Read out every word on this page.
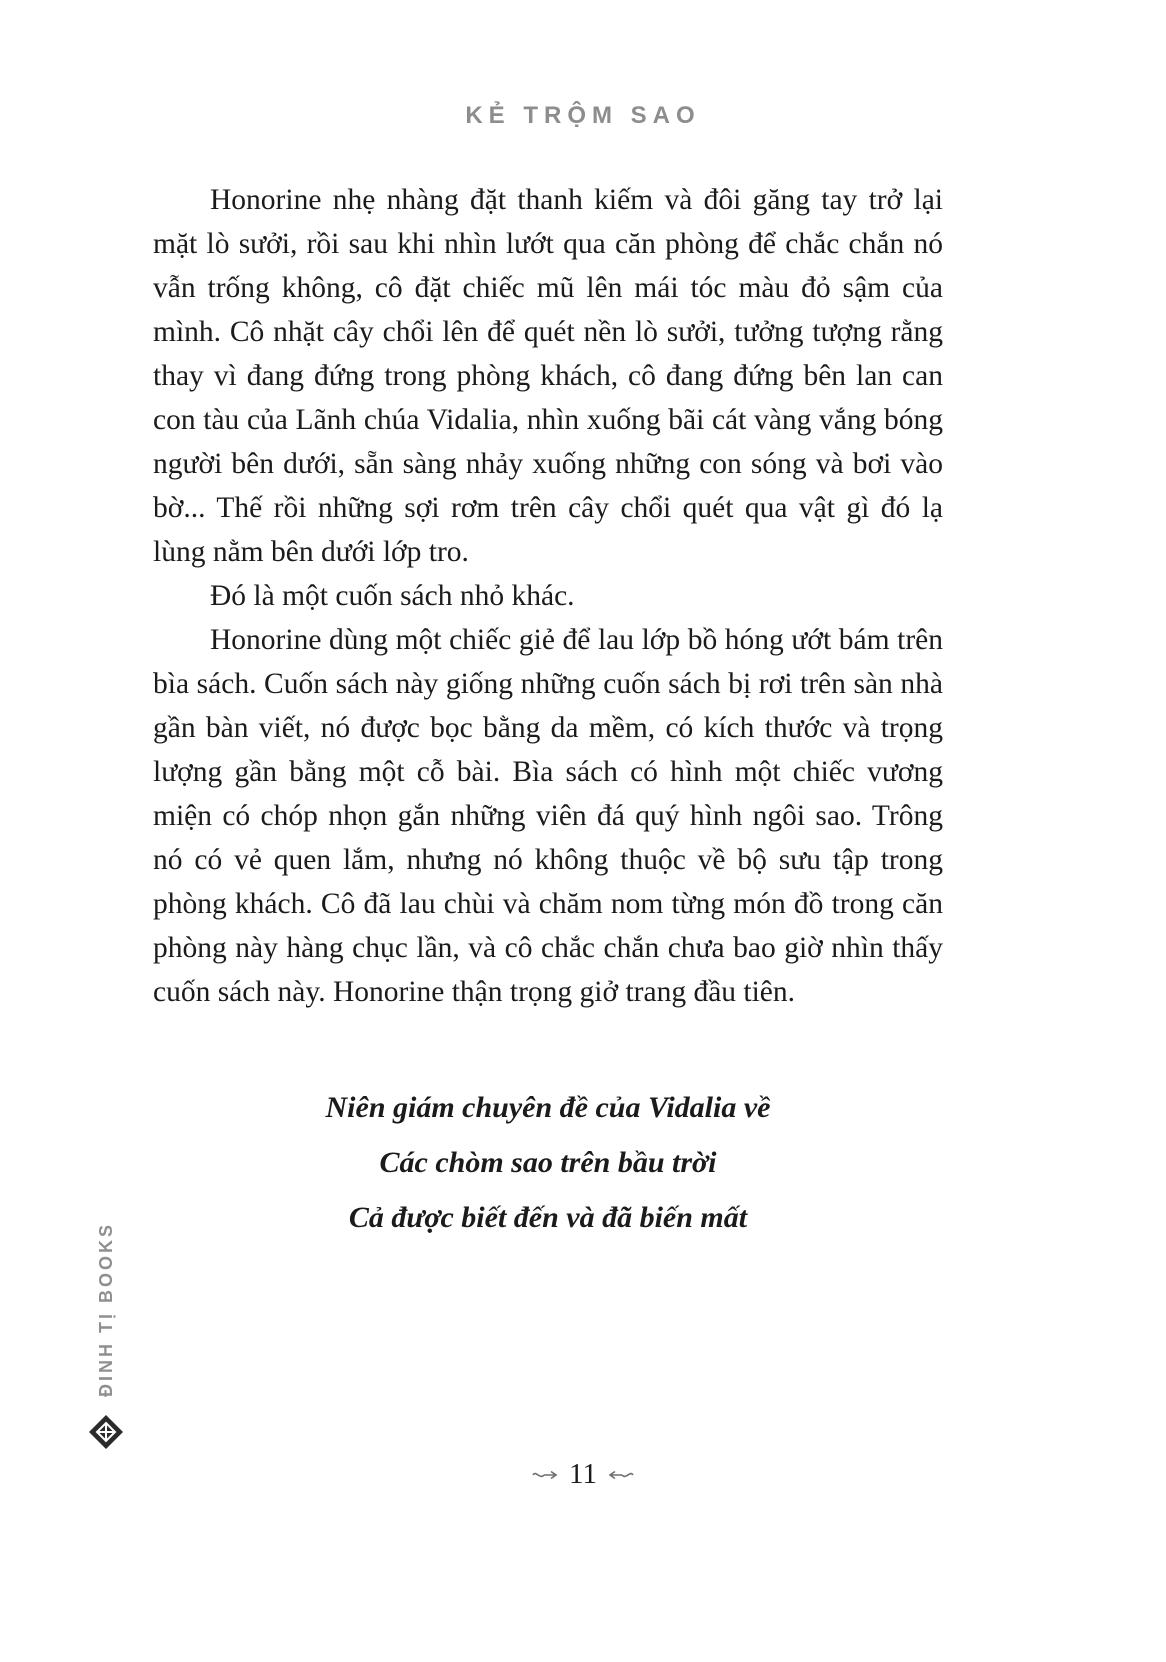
KẺ TRỘM SAO

Honorine nhẹ nhàng đặt thanh kiếm và đôi găng tay trở lại mặt lò sưởi, rồi sau khi nhìn lướt qua căn phòng để chắc chắn nó vẫn trống không, cô đặt chiếc mũ lên mái tóc màu đỏ sậm của mình. Cô nhặt cây chổi lên để quét nền lò sưởi, tưởng tượng rằng thay vì đang đứng trong phòng khách, cô đang đứng bên lan can con tàu của Lãnh chúa Vidalia, nhìn xuống bãi cát vàng vắng bóng người bên dưới, sẵn sàng nhảy xuống những con sóng và bơi vào bờ... Thế rồi những sợi rơm trên cây chổi quét qua vật gì đó lạ lùng nằm bên dưới lớp tro.

Đó là một cuốn sách nhỏ khác.

Honorine dùng một chiếc giẻ để lau lớp bồ hóng ướt bám trên bìa sách. Cuốn sách này giống những cuốn sách bị rơi trên sàn nhà gần bàn viết, nó được bọc bằng da mềm, có kích thước và trọng lượng gần bằng một cỗ bài. Bìa sách có hình một chiếc vương miện có chóp nhọn gắn những viên đá quý hình ngôi sao. Trông nó có vẻ quen lắm, nhưng nó không thuộc về bộ sưu tập trong phòng khách. Cô đã lau chùi và chăm nom từng món đồ trong căn phòng này hàng chục lần, và cô chắc chắn chưa bao giờ nhìn thấy cuốn sách này. Honorine thận trọng giở trang đầu tiên.

Niên giám chuyên đề của Vidalia về
Các chòm sao trên bầu trời
Cả được biết đến và đã biến mất
ĐINH TỊ BOOKS
11
